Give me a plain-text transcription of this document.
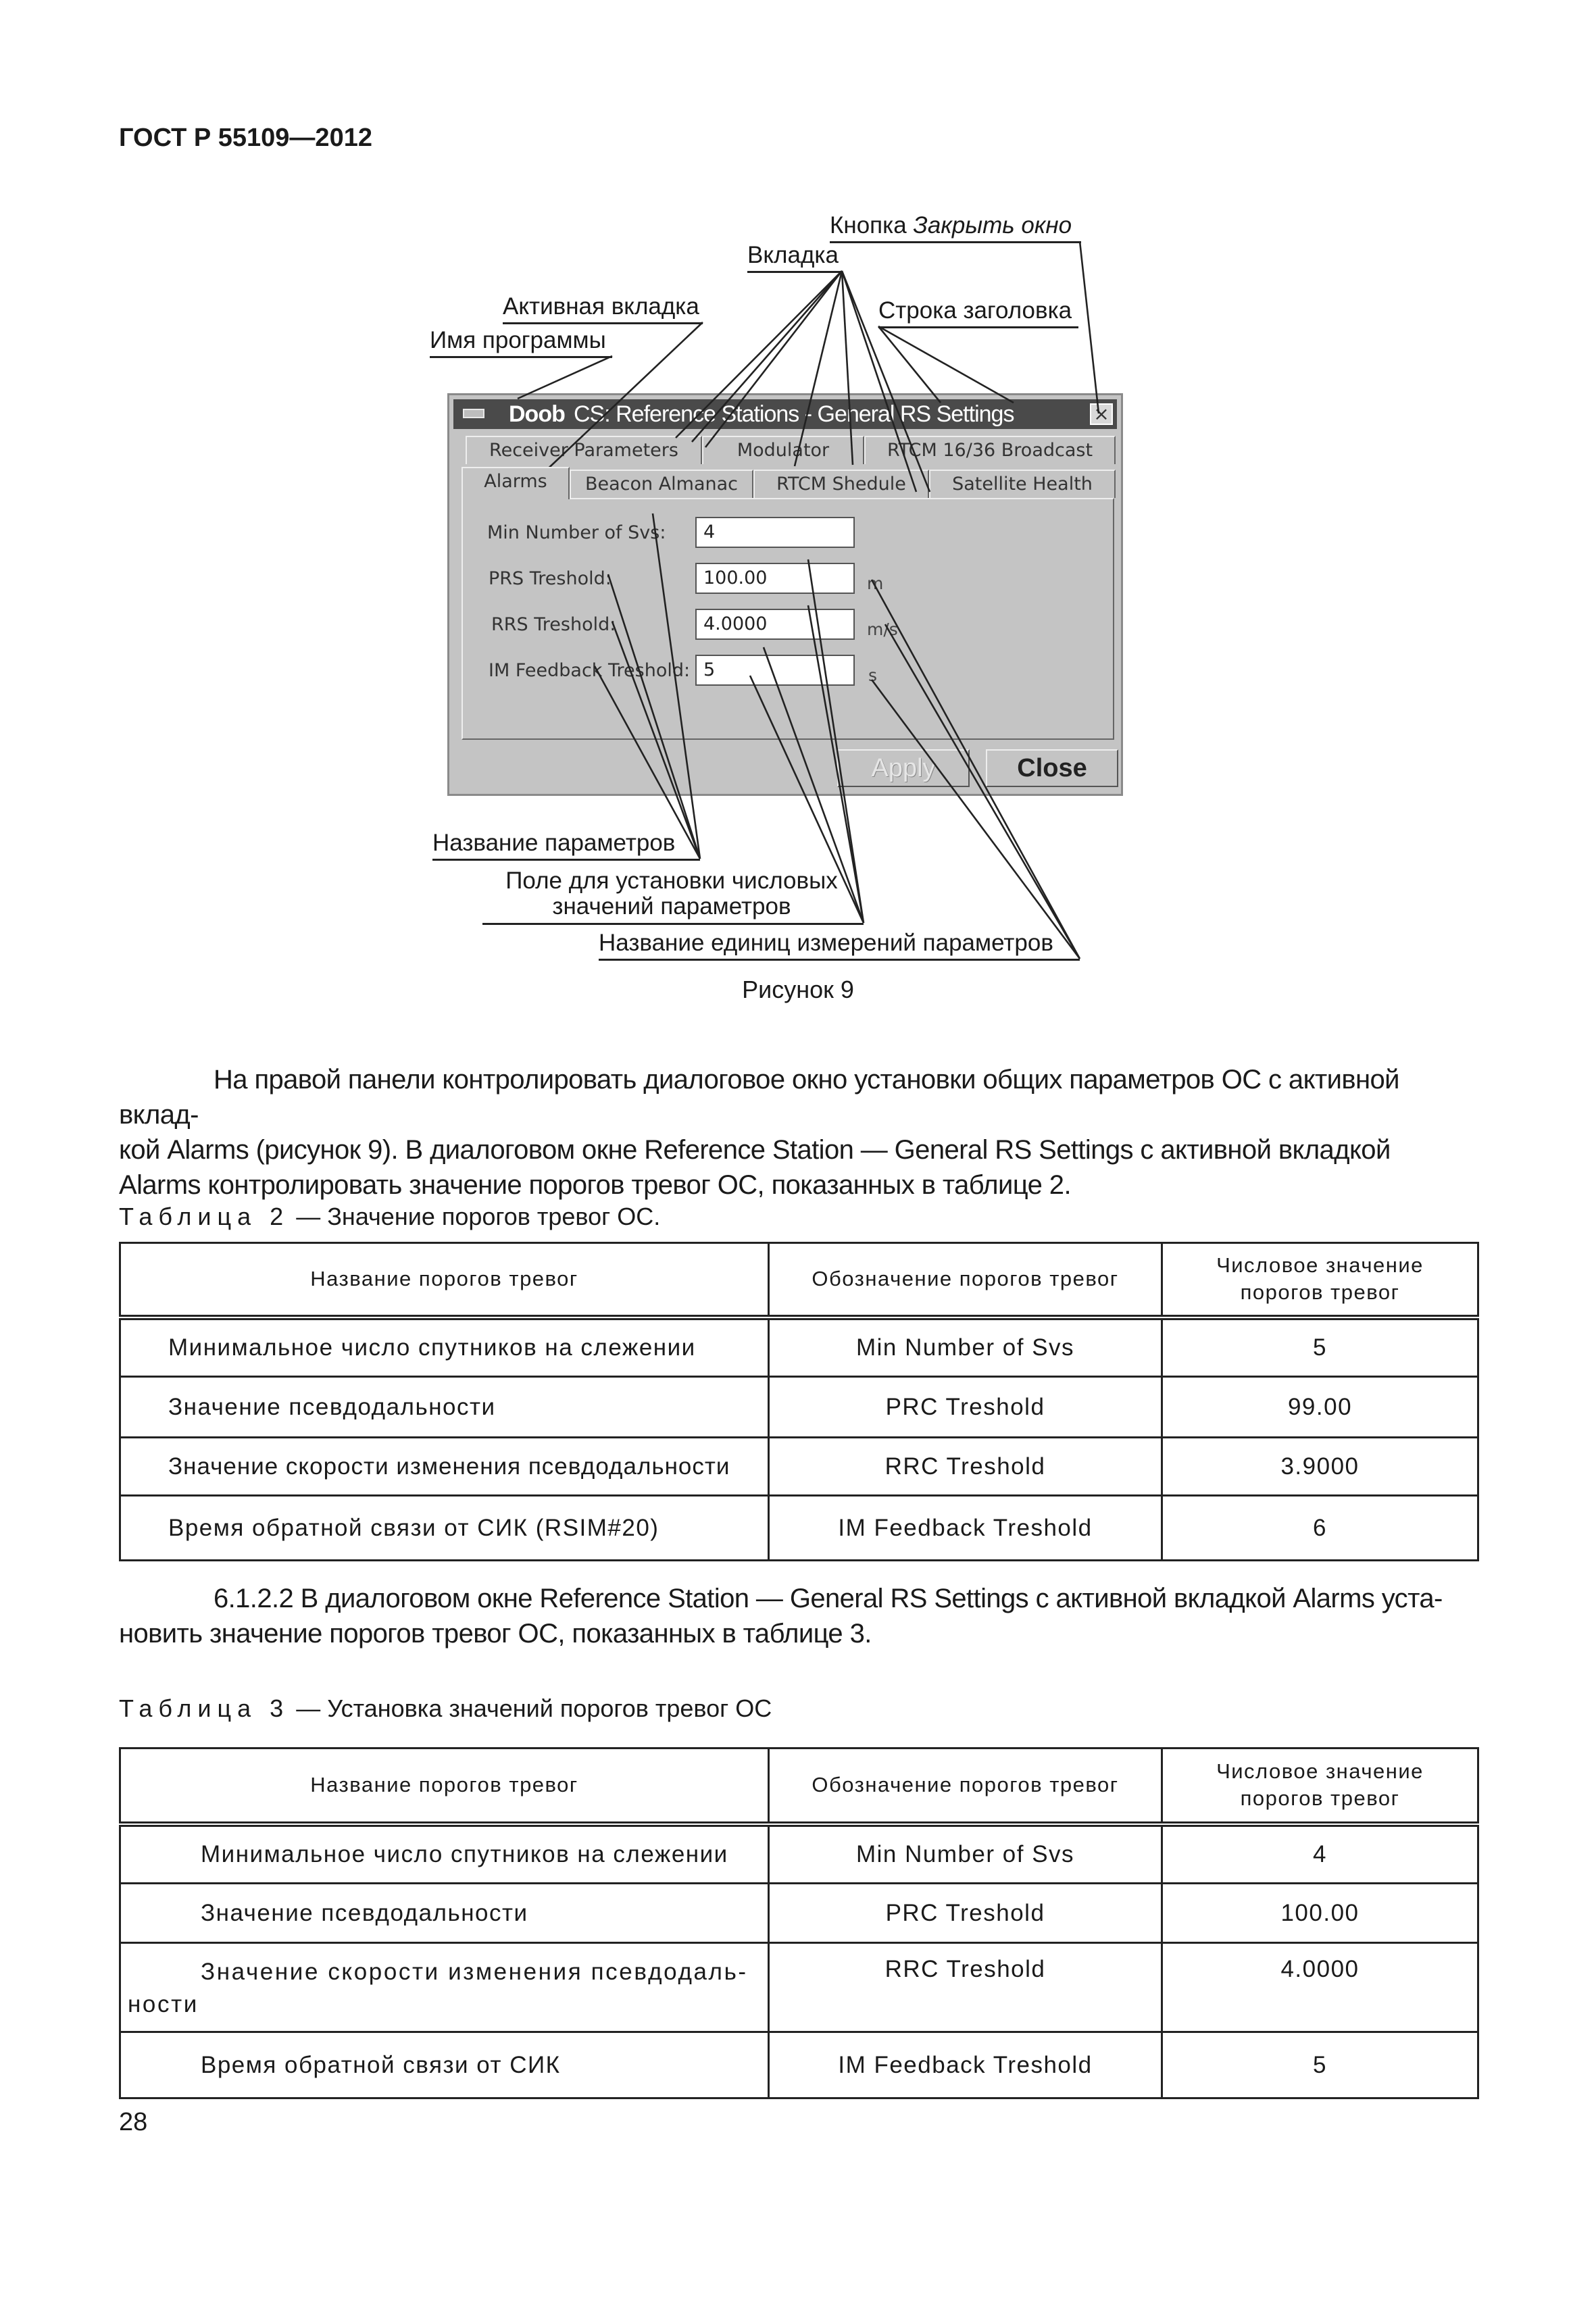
ГОСТ Р 55109—2012
Кнопка Закрыть окно
Вкладка
Активная вкладка	Строка заголовка
Имя программы
Doob CS: Reference Stations - General RS Settings	×
Receiver Parameters	Modulator	RTCM 16/36 Broadcast
Alarms	Beacon Almanac	RTCM Shedule	Satellite Health
Min Number of Svs:	4
PRS Treshold:	100.00	m
RRS Treshold:	4.0000	m/s
IM Feedback Treshold: 5	s
Apply	Close
Название параметров
Поле для установки числовых
значений параметров
Название единиц измерений параметров
Рисунок 9

На правой панели контролировать диалоговое окно установки общих параметров ОС с активной вклад-

кой Alarms (рисунок 9). В диалоговом окне Reference Station — General RS Settings с активной вкладкой

Alarms контролировать значение порогов тревог ОС, показанных в таблице 2.

Таблица 2 — Значение порогов тревог ОС.
Название порогов тревог	Обозначение порогов тревог	Числовое значение порогов тревог
Минимальное число спутников на слежении	Min Number of Svs	5
Значение псевдодальности	PRC Treshold	99.00
Значение скорости изменения псевдодальности	RRC Treshold	3.9000
Время обратной связи от СИК (RSIM#20)	IM Feedback Treshold	6

6.1.2.2 В диалоговом окне Reference Station — General RS Settings с активной вкладкой Alarms уста-

новить значение порогов тревог ОС, показанных в таблице 3.

Таблица 3 — Установка значений порогов тревог ОС
Название порогов тревог	Обозначение порогов тревог	Числовое значение порогов тревог
Минимальное число спутников на слежении	Min Number of Svs	4
Значение псевдодальности	PRC Treshold	100.00
Значение скорости изменения псевдодаль-
ности	RRC Treshold	4.0000
Время обратной связи от СИК	IM Feedback Treshold	5
28
